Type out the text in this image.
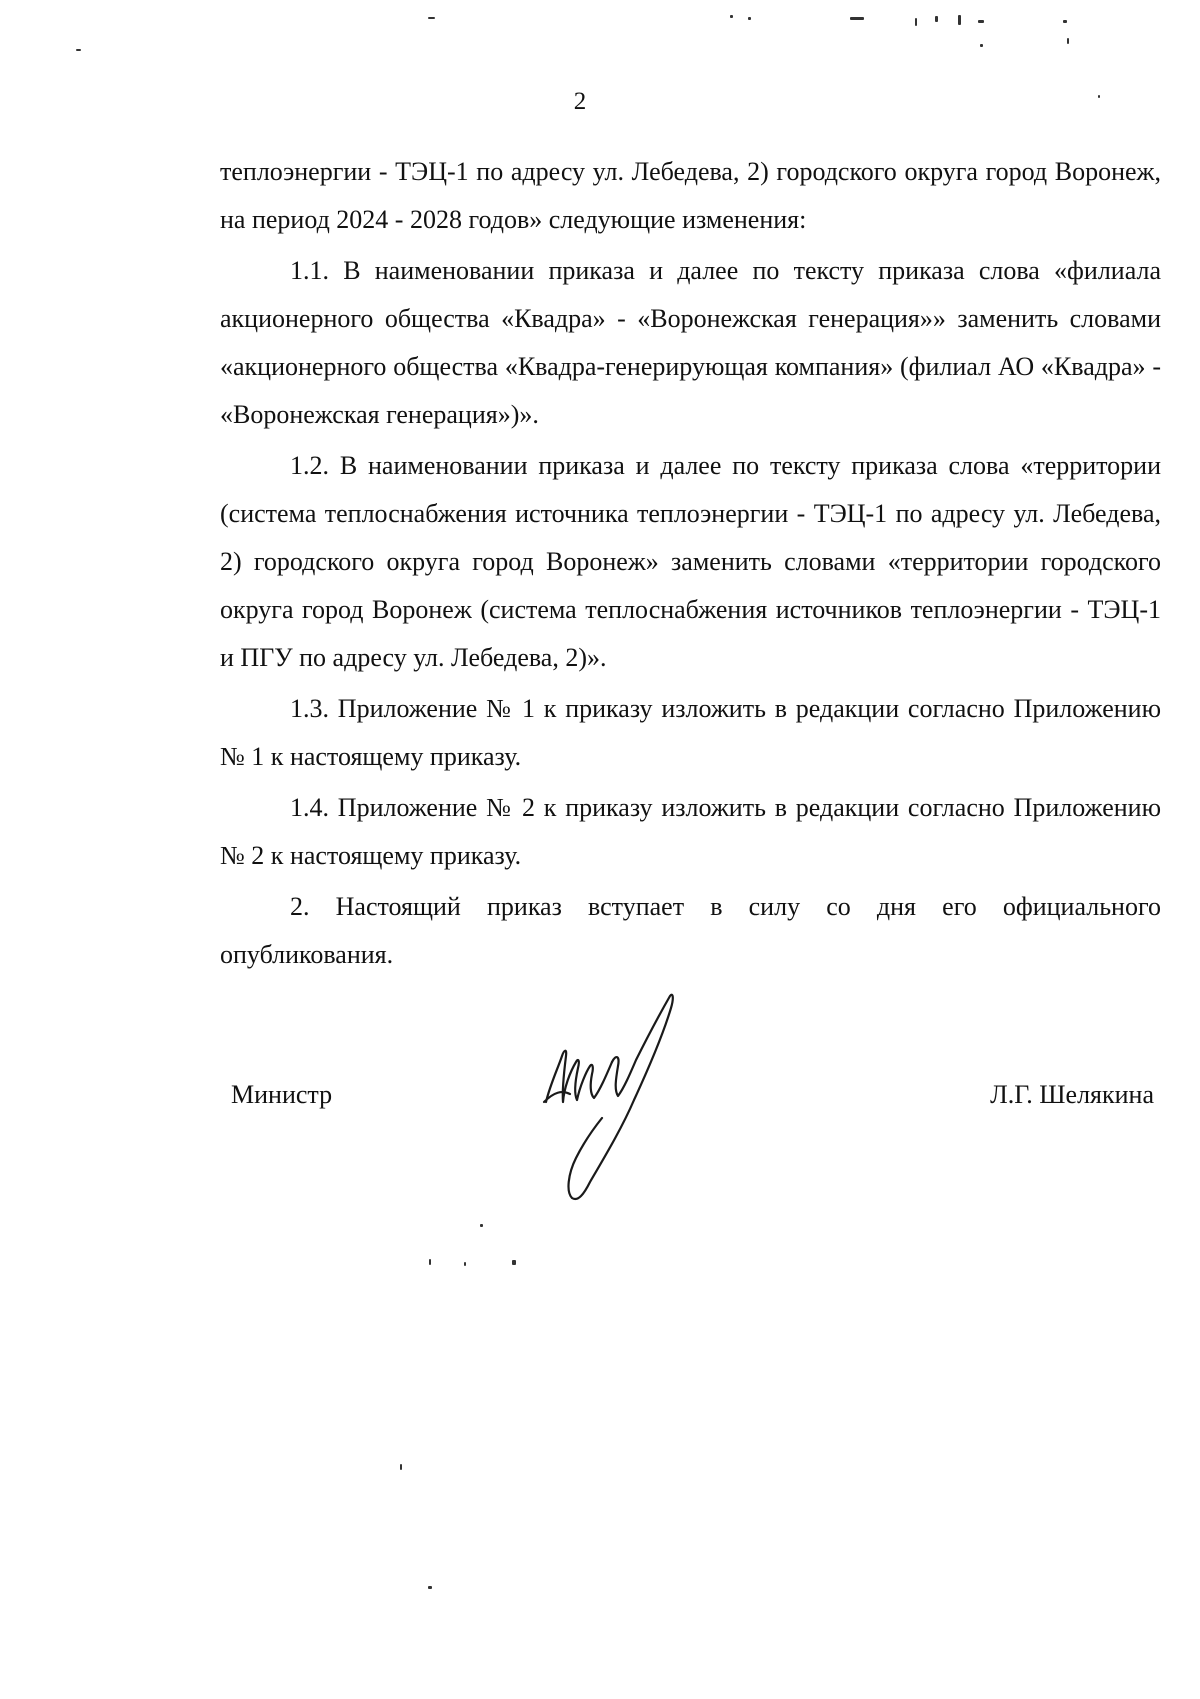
2

теплоэнергии - ТЭЦ-1 по адресу ул. Лебедева, 2) городского округа город Воронеж, на период 2024 - 2028 годов» следующие изменения:

1.1. В наименовании приказа и далее по тексту приказа слова «филиала акционерного общества «Квадра» - «Воронежская генерация»» заменить словами «акционерного общества «Квадра-генерирующая компания» (филиал АО «Квадра» - «Воронежская генерация»)».

1.2. В наименовании приказа и далее по тексту приказа слова «территории (система теплоснабжения источника теплоэнергии - ТЭЦ-1 по адресу ул. Лебедева, 2) городского округа город Воронеж» заменить словами «территории городского округа город Воронеж (система теплоснабжения источников теплоэнергии - ТЭЦ-1 и ПГУ по адресу ул. Лебедева, 2)».

1.3. Приложение № 1 к приказу изложить в редакции согласно Приложению № 1 к настоящему приказу.

1.4. Приложение № 2 к приказу изложить в редакции согласно Приложению № 2 к настоящему приказу.

2. Настоящий приказ вступает в силу со дня его официального опубликования.

Министр	Л.Г. Шелякина
